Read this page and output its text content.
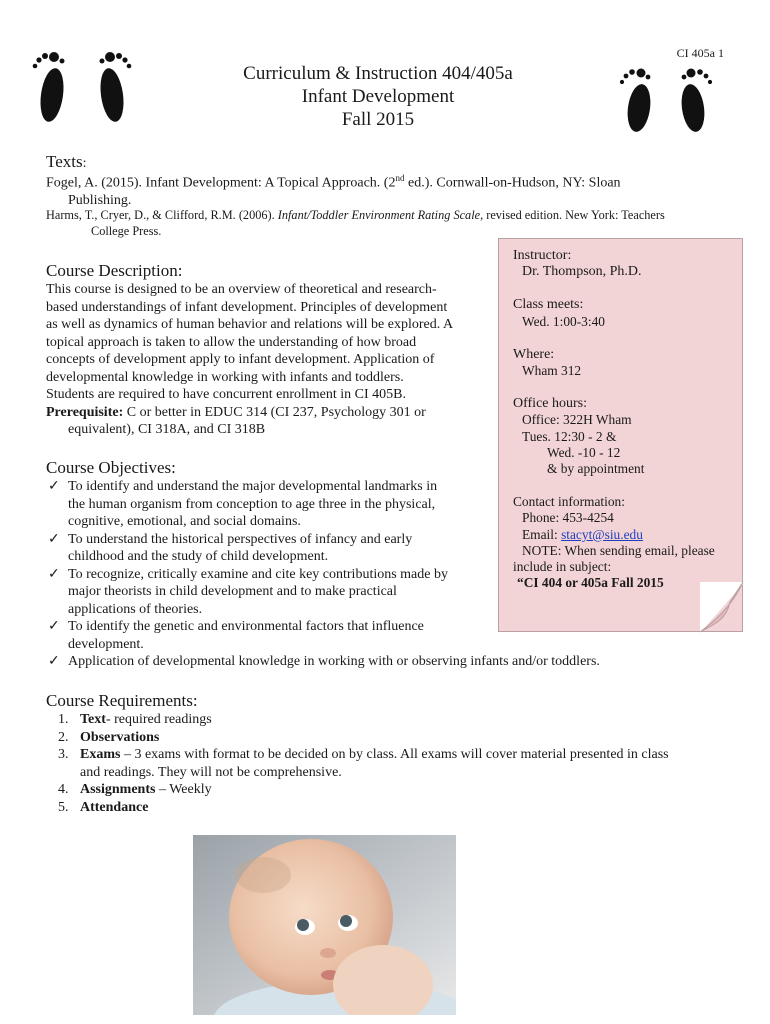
CI 405a 1
Curriculum & Instruction 404/405a
Infant Development
Fall 2015
Texts:
Fogel, A. (2015). Infant Development: A Topical Approach. (2nd ed.). Cornwall-on-Hudson, NY: Sloan
Publishing.
Harms, T., Cryer, D., & Clifford, R.M. (2006). Infant/Toddler Environment Rating Scale, revised edition. New York: Teachers
College Press.
Course Description:
This course is designed to be an overview of theoretical and research-
based understandings of infant development. Principles of development
as well as dynamics of human behavior and relations will be explored. A
topical approach is taken to allow the understanding of how broad
concepts of development apply to infant development. Application of
developmental knowledge in working with infants and toddlers.
Students are required to have concurrent enrollment in CI 405B.
Prerequisite: C or better in EDUC 314 (CI 237, Psychology 301 or
equivalent), CI 318A, and CI 318B
Course Objectives:
✓ To identify and understand the major developmental landmarks in
the human organism from conception to age three in the physical,
cognitive, emotional, and social domains.
✓ To understand the historical perspectives of infancy and early
childhood and the study of child development.
✓ To recognize, critically examine and cite key contributions made by
major theorists in child development and to make practical
applications of theories.
✓ To identify the genetic and environmental factors that influence
development.
✓ Application of developmental knowledge in working with or observing infants and/or toddlers.
Course Requirements:
1. Text- required readings
2. Observations
3. Exams – 3 exams with format to be decided on by class. All exams will cover material presented in class
and readings. They will not be comprehensive.
4. Assignments – Weekly
5. Attendance
Instructor:
Dr. Thompson, Ph.D.
Class meets:
Wed. 1:00-3:40
Where:
Wham 312
Office hours:
Office: 322H Wham
Tues. 12:30 - 2 &
Wed. -10 - 12
& by appointment
Contact information:
Phone: 453-4254
Email: stacyt@siu.edu
NOTE: When sending email, please
include in subject:
“CI 404 or 405a Fall 2015
